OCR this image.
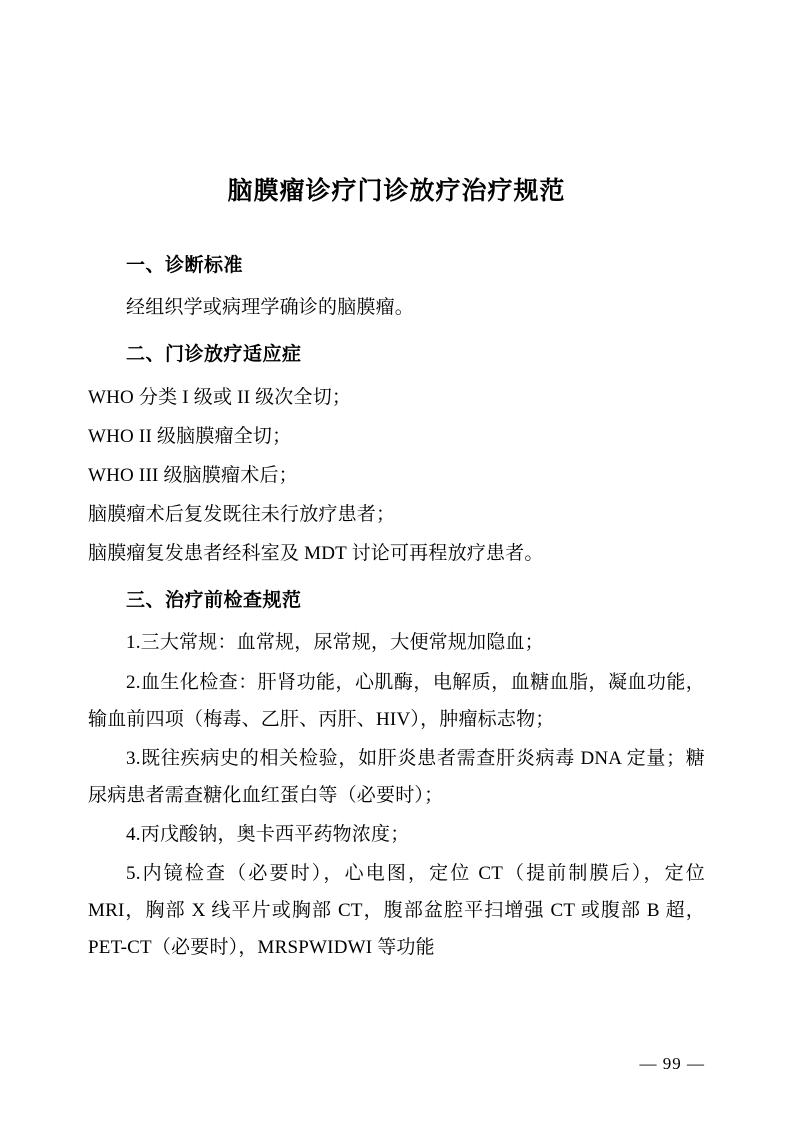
脑膜瘤诊疗门诊放疗治疗规范
一、诊断标准

经组织学或病理学确诊的脑膜瘤。

二、门诊放疗适应症

WHO 分类 I 级或 II 级次全切；

WHO II 级脑膜瘤全切；

WHO III 级脑膜瘤术后；

脑膜瘤术后复发既往未行放疗患者；

脑膜瘤复发患者经科室及 MDT 讨论可再程放疗患者。

三、治疗前检查规范

1.三大常规：血常规，尿常规，大便常规加隐血；

2.血生化检查：肝肾功能，心肌酶，电解质，血糖血脂，凝血功能，输血前四项（梅毒、乙肝、丙肝、HIV），肿瘤标志物；

3.既往疾病史的相关检验，如肝炎患者需查肝炎病毒 DNA 定量；糖尿病患者需查糖化血红蛋白等（必要时）；

4.丙戊酸钠，奥卡西平药物浓度；

5.内镜检查（必要时），心电图，定位 CT（提前制膜后），定位 MRI，胸部 X 线平片或胸部 CT，腹部盆腔平扫增强 CT 或腹部 B 超，PET-CT（必要时），MRSPWIDWI 等功能

— 99 —
